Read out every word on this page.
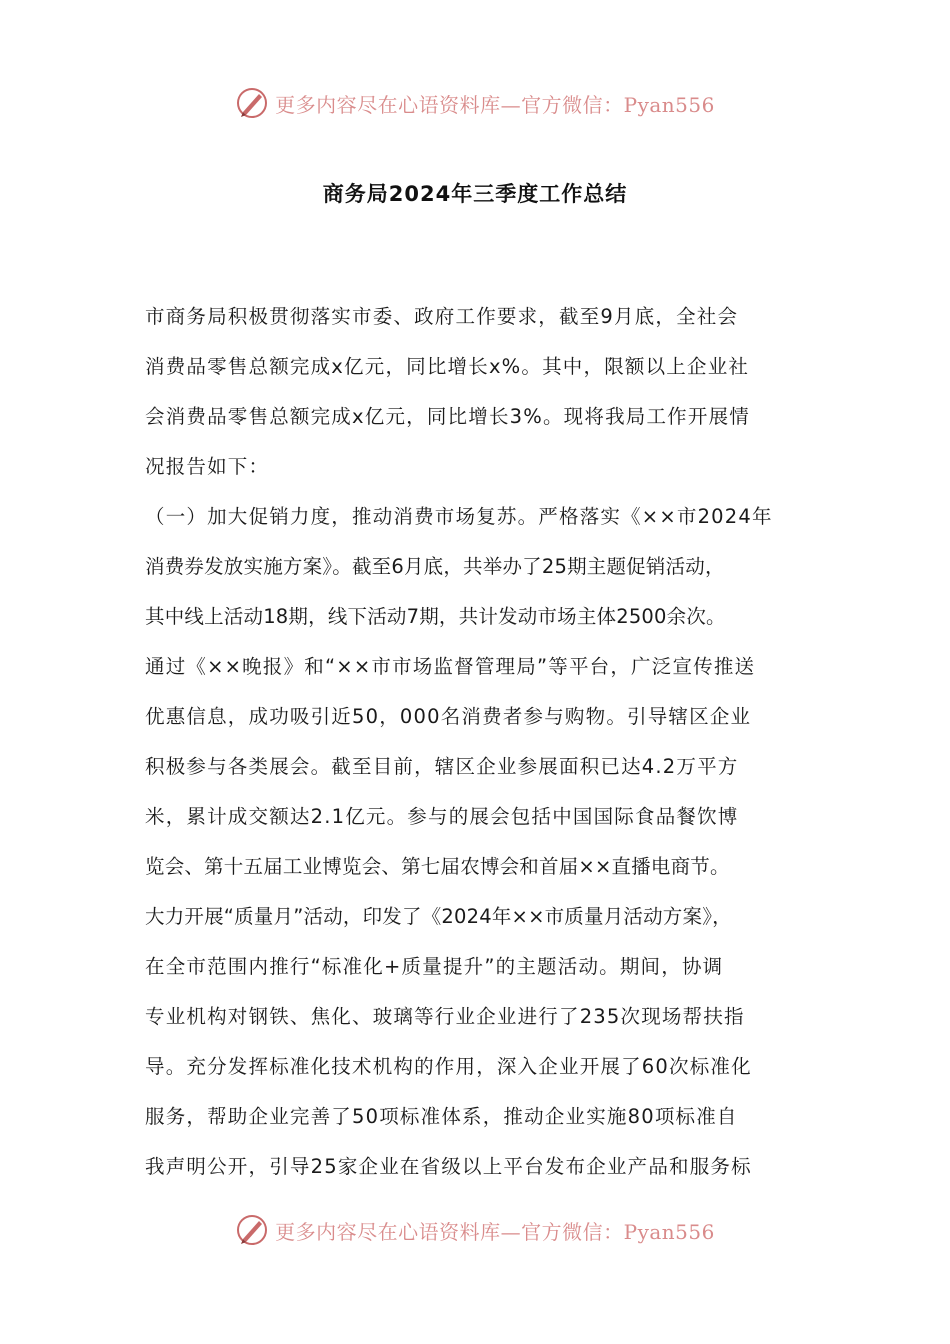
更多内容尽在心语资料库—官方微信：Pyan556
商务局2024年三季度工作总结
市商务局积极贯彻落实市委、政府工作要求，截至9月底，全社会
消费品零售总额完成x亿元，同比增长x%。其中，限额以上企业社
会消费品零售总额完成x亿元，同比增长3%。现将我局工作开展情
况报告如下：
（一）加大促销力度，推动消费市场复苏。严格落实《××市2024年
消费券发放实施方案》。截至6月底，共举办了25期主题促销活动，
其中线上活动18期，线下活动7期，共计发动市场主体2500余次。
通过《××晚报》和“××市市场监督管理局”等平台，广泛宣传推送
优惠信息，成功吸引近50，000名消费者参与购物。引导辖区企业
积极参与各类展会。截至目前，辖区企业参展面积已达4.2万平方
米，累计成交额达2.1亿元。参与的展会包括中国国际食品餐饮博
览会、第十五届工业博览会、第七届农博会和首届××直播电商节。
大力开展“质量月”活动，印发了《2024年××市质量月活动方案》，
在全市范围内推行“标准化+质量提升”的主题活动。期间，协调
专业机构对钢铁、焦化、玻璃等行业企业进行了235次现场帮扶指
导。充分发挥标准化技术机构的作用，深入企业开展了60次标准化
服务，帮助企业完善了50项标准体系，推动企业实施80项标准自
我声明公开，引导25家企业在省级以上平台发布企业产品和服务标
更多内容尽在心语资料库—官方微信：Pyan556
